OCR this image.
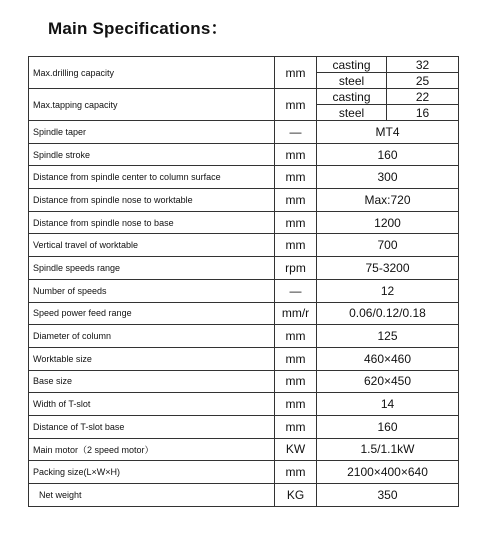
Main Specifications：
Max.drilling capacity	mm	casting	32
		steel	25
Max.tapping capacity	mm	casting	22
		steel	16
Spindle taper	—	MT4	
Spindle stroke	mm	160	
Distance from spindle center to column surface	mm	300	
Distance from spindle nose to worktable	mm	Max:720	
Distance from spindle nose to base	mm	1200	
Vertical travel of worktable	mm	700	
Spindle speeds range	rpm	75-3200	
Number of speeds	—	12	
Speed power feed range	mm/r	0.06/0.12/0.18	
Diameter of column	mm	125	
Worktable size	mm	460×460	
Base size	mm	620×450	
Width of T-slot	mm	14	
Distance of T-slot base	mm	160	
Main motor（2 speed motor）	KW	1.5/1.1kW	
Packing size(L×W×H)	mm	2100×400×640	
Net weight	KG	350	
